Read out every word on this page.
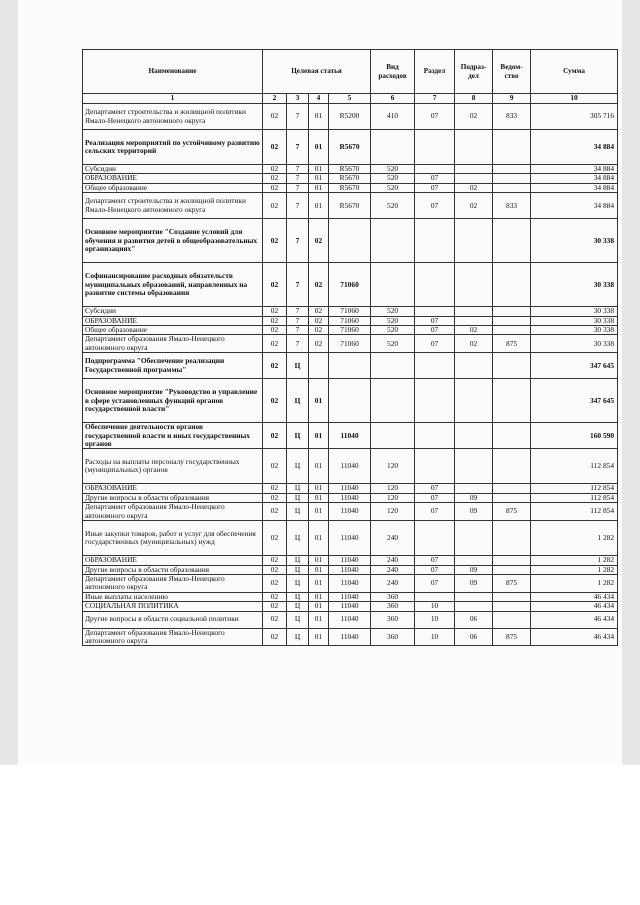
Наименование	Целевая статья				Вид расходов	Раздел	Подраз-дел	Ведом-ство	Сумма
1	2	3	4	5	6	7	8	9	10
Департамент строительства и жилищной политики Ямало-Ненецкого автономного округа	02	7	01	R5200	410	07	02	833	305 716
Реализация мероприятий по устойчивому развитию сельских территорий	02	7	01	R5670					34 884
Субсидии	02	7	01	R5670	520				34 884
ОБРАЗОВАНИЕ	02	7	01	R5670	520	07			34 884
Общее образование	02	7	01	R5670	520	07	02		34 884
Департамент строительства и жилищной политики Ямало-Ненецкого автономного округа	02	7	01	R5670	520	07	02	833	34 884
Основное мероприятие "Создание условий для обучения и развития детей в общеобразовательных организациях"	02	7	02						30 338
Софинансирование расходных обязательств муниципальных образований, направленных на развитие системы образования	02	7	02	71060					30 338
Субсидии	02	7	02	71060	520				30 338
ОБРАЗОВАНИЕ	02	7	02	71060	520	07			30 338
Общее образование	02	7	02	71060	520	07	02		30 338
Департамент образования Ямало-Ненецкого автономного округа	02	7	02	71060	520	07	02	875	30 338
Подпрограмма "Обеспечение реализации Государственной программы"	02	Ц							347 645
Основное мероприятие "Руководство и управление в сфере установленных функций органов государственной власти"	02	Ц	01						347 645
Обеспечение деятельности органов государственной власти и иных государственных органов	02	Ц	01	11040					160 590
Расходы на выплаты персоналу государственных (муниципальных) органов	02	Ц	01	11040	120				112 854
ОБРАЗОВАНИЕ	02	Ц	01	11040	120	07			112 854
Другие вопросы в области образования	02	Ц	01	11040	120	07	09		112 854
Департамент образования Ямало-Ненецкого автономного округа	02	Ц	01	11040	120	07	09	875	112 854
Иные закупки товаров, работ и услуг для обеспечения государственных (муниципальных) нужд	02	Ц	01	11040	240				1 282
ОБРАЗОВАНИЕ	02	Ц	01	11040	240	07			1 282
Другие вопросы в области образования	02	Ц	01	11040	240	07	09		1 282
Департамент образования Ямало-Ненецкого автономного округа	02	Ц	01	11040	240	07	09	875	1 282
Иные выплаты населению	02	Ц	01	11040	360				46 434
СОЦИАЛЬНАЯ ПОЛИТИКА	02	Ц	01	11040	360	10			46 434
Другие вопросы в области социальной политики	02	Ц	01	11040	360	10	06		46 434
Департамент образования Ямало-Ненецкого автономного округа	02	Ц	01	11040	360	10	06	875	46 434
